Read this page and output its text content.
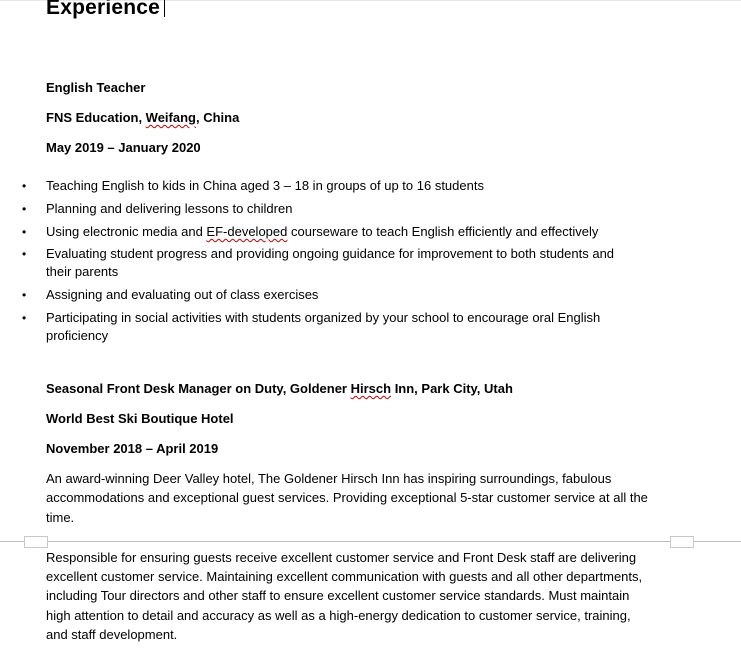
Experience
English Teacher
FNS Education, Weifang, China
May 2019 – January 2020
• Teaching English to kids in China aged 3 – 18 in groups of up to 16 students
• Planning and delivering lessons to children
• Using electronic media and EF-developed courseware to teach English efficiently and effectively
• Evaluating student progress and providing ongoing guidance for improvement to both students and
their parents
• Assigning and evaluating out of class exercises
• Participating in social activities with students organized by your school to encourage oral English
proficiency
Seasonal Front Desk Manager on Duty, Goldener Hirsch Inn, Park City, Utah
World Best Ski Boutique Hotel
November 2018 – April 2019
An award-winning Deer Valley hotel, The Goldener Hirsch Inn has inspiring surroundings, fabulous
accommodations and exceptional guest services. Providing exceptional 5-star customer service at all the
time.
Responsible for ensuring guests receive excellent customer service and Front Desk staff are delivering
excellent customer service. Maintaining excellent communication with guests and all other departments,
including Tour directors and other staff to ensure excellent customer service standards. Must maintain
high attention to detail and accuracy as well as a high-energy dedication to customer service, training,
and staff development.
